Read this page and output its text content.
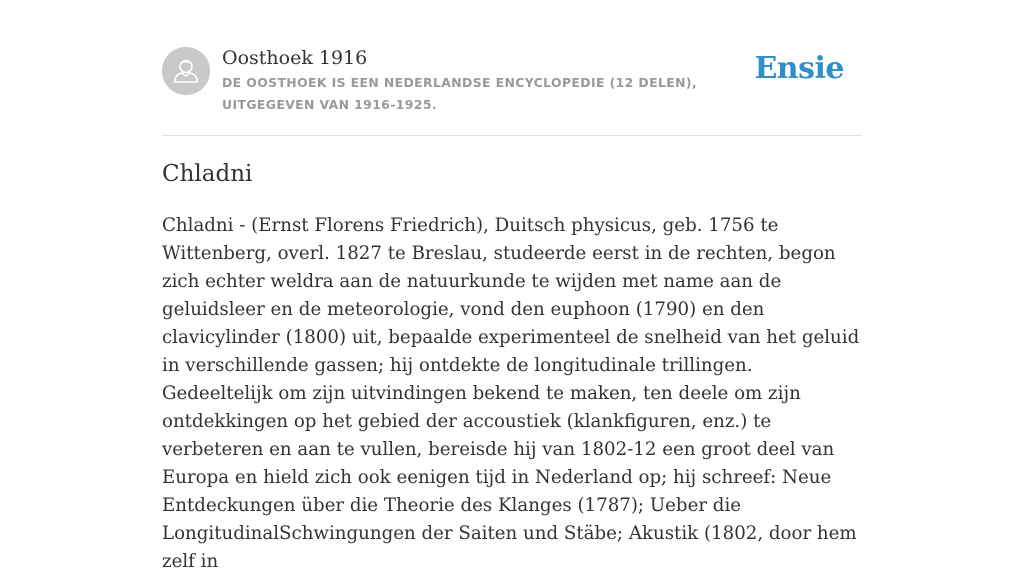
Oosthoek 1916
DE OOSTHOEK IS EEN NEDERLANDSE ENCYCLOPEDIE (12 DELEN), UITGEGEVEN VAN 1916-1925.
Ensie
Chladni

Chladni - (Ernst Florens Friedrich), Duitsch physicus, geb. 1756 te Wittenberg, overl. 1827 te Breslau, studeerde eerst in de rechten, begon zich echter weldra aan de natuurkunde te wijden met name aan de geluidsleer en de meteorologie, vond den euphoon (1790) en den clavicylinder (1800) uit, bepaalde experimenteel de snelheid van het geluid in verschillende gassen; hij ontdekte de longitudinale trillingen. Gedeeltelijk om zijn uitvindingen bekend te maken, ten deele om zijn ontdekkingen op het gebied der accoustiek (klankfiguren, enz.) te verbeteren en aan te vullen, bereisde hij van 1802-12 een groot deel van Europa en hield zich ook eenigen tijd in Nederland op; hij schreef: Neue Entdeckungen über die Theorie des Klanges (1787); Ueber die LongitudinalSchwingungen der Saiten und Stäbe; Akustik (1802, door hem zelf in
